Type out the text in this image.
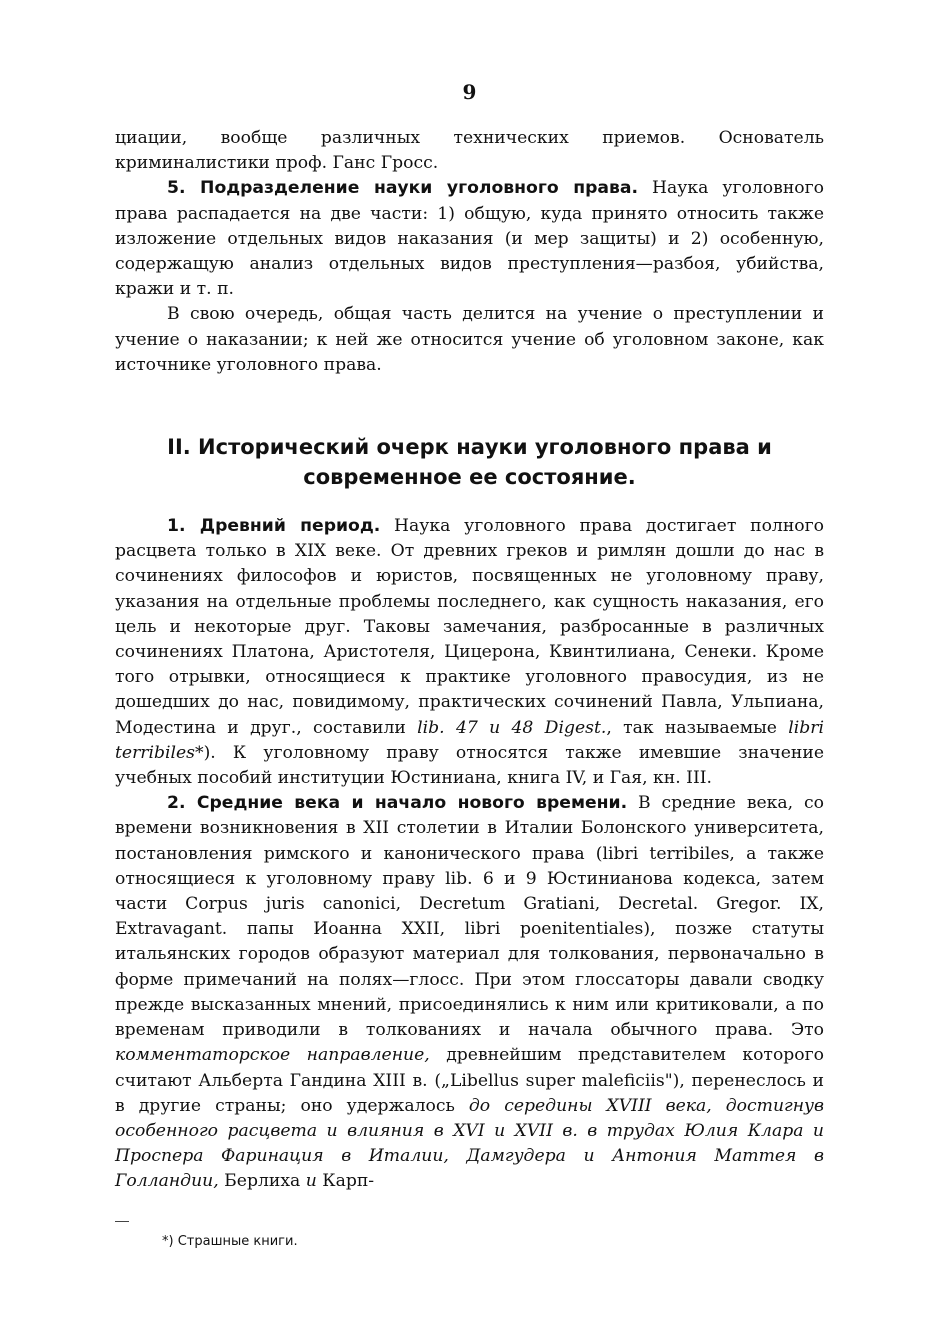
9

циации, вообще различных технических приемов. Основатель криминалистики проф. Ганс Гросс.

5. Подразделение науки уголовного права. Наука уголовного права распадается на две части: 1) общую, куда принято относить также изложение отдельных видов наказания (и мер защиты) и 2) особенную, содержащую анализ отдельных видов преступления—разбоя, убийства, кражи и т. п.

В свою очередь, общая часть делится на учение о преступлении и учение о наказании; к ней же относится учение об уголовном законе, как источнике уголовного права.

II. Исторический очерк науки уголовного права и современное ее состояние.

1. Древний период. Наука уголовного права достигает полного расцвета только в XIX веке. От древних греков и римлян дошли до нас в сочинениях философов и юристов, посвященных не уголовному праву, указания на отдельные проблемы последнего, как сущность наказания, его цель и некоторые друг. Таковы замечания, разбросанные в различных сочинениях Платона, Аристотеля, Цицерона, Квинтилиана, Сенеки. Кроме того отрывки, относящиеся к практике уголовного правосудия, из не дошедших до нас, повидимому, практических сочинений Павла, Ульпиана, Модестина и друг., составили lib. 47 и 48 Digest., так называемые libri terribiles*). К уголовному праву относятся также имевшие значение учебных пособий институции Юстиниана, книга IV, и Гая, кн. III.

2. Средние века и начало нового времени. В средние века, со времени возникновения в XII столетии в Италии Болонского университета, постановления римского и канонического права (libri terribiles, а также относящиеся к уголовному праву lib. 6 и 9 Юстинианова кодекса, затем части Corpus juris canonici, Decretum Gratiani, Decretal. Gregor. IX, Extravagant. папы Иоанна XXII, libri poenitentiales), позже статуты итальянских городов образуют материал для толкования, первоначально в форме примечаний на полях—глосс. При этом глоссаторы давали сводку прежде высказанных мнений, присоединялись к ним или критиковали, а по временам приводили в толкованиях и начала обычного права. Это комментаторское направление, древнейшим представителем которого считают Альберта Гандина XIII в. („Libellus super maleficiis"), перенеслось и в другие страны; оно удержалось до середины XVIII века, достигнув особенного расцвета и влияния в XVI и XVII в. в трудах Юлия Клара и Проспера Фаринация в Италии, Дамгудера и Антония Маттея в Голландии, Берлиха и Карп-

*) Страшные книги.
